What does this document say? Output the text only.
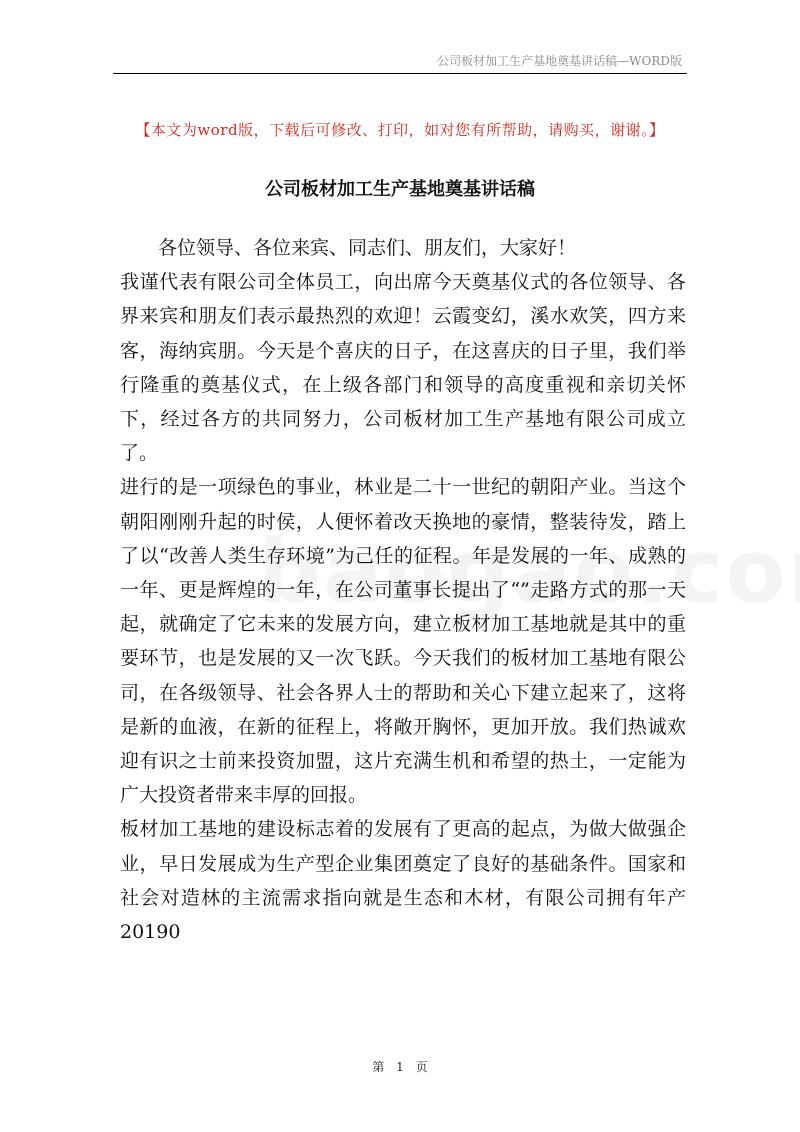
公司板材加工生产基地奠基讲话稿—WORD版
【本文为word版，下载后可修改、打印，如对您有所帮助，请购买，谢谢。】
公司板材加工生产基地奠基讲话稿

各位领导、各位来宾、同志们、朋友们，大家好！

我谨代表有限公司全体员工，向出席今天奠基仪式的各位领导、各界来宾和朋友们表示最热烈的欢迎！云霞变幻，溪水欢笑，四方来客，海纳宾朋。今天是个喜庆的日子，在这喜庆的日子里，我们举行隆重的奠基仪式，在上级各部门和领导的高度重视和亲切关怀下，经过各方的共同努力，公司板材加工生产基地有限公司成立了。

进行的是一项绿色的事业，林业是二十一世纪的朝阳产业。当这个朝阳刚刚升起的时侯，人便怀着改天换地的豪情，整装待发，踏上了以“改善人类生存环境”为己任的征程。年是发展的一年、成熟的一年、更是辉煌的一年，在公司董事长提出了“”走路方式的那一天起，就确定了它未来的发展方向，建立板材加工基地就是其中的重要环节，也是发展的又一次飞跃。今天我们的板材加工基地有限公司，在各级领导、社会各界人士的帮助和关心下建立起来了，这将是新的血液，在新的征程上，将敞开胸怀，更加开放。我们热诚欢迎有识之士前来投资加盟，这片充满生机和希望的热土，一定能为广大投资者带来丰厚的回报。

板材加工基地的建设标志着的发展有了更高的起点，为做大做强企业，早日发展成为生产型企业集团奠定了良好的基础条件。国家和社会对造林的主流需求指向就是生态和木材，有限公司拥有年产20190

第 1 页
